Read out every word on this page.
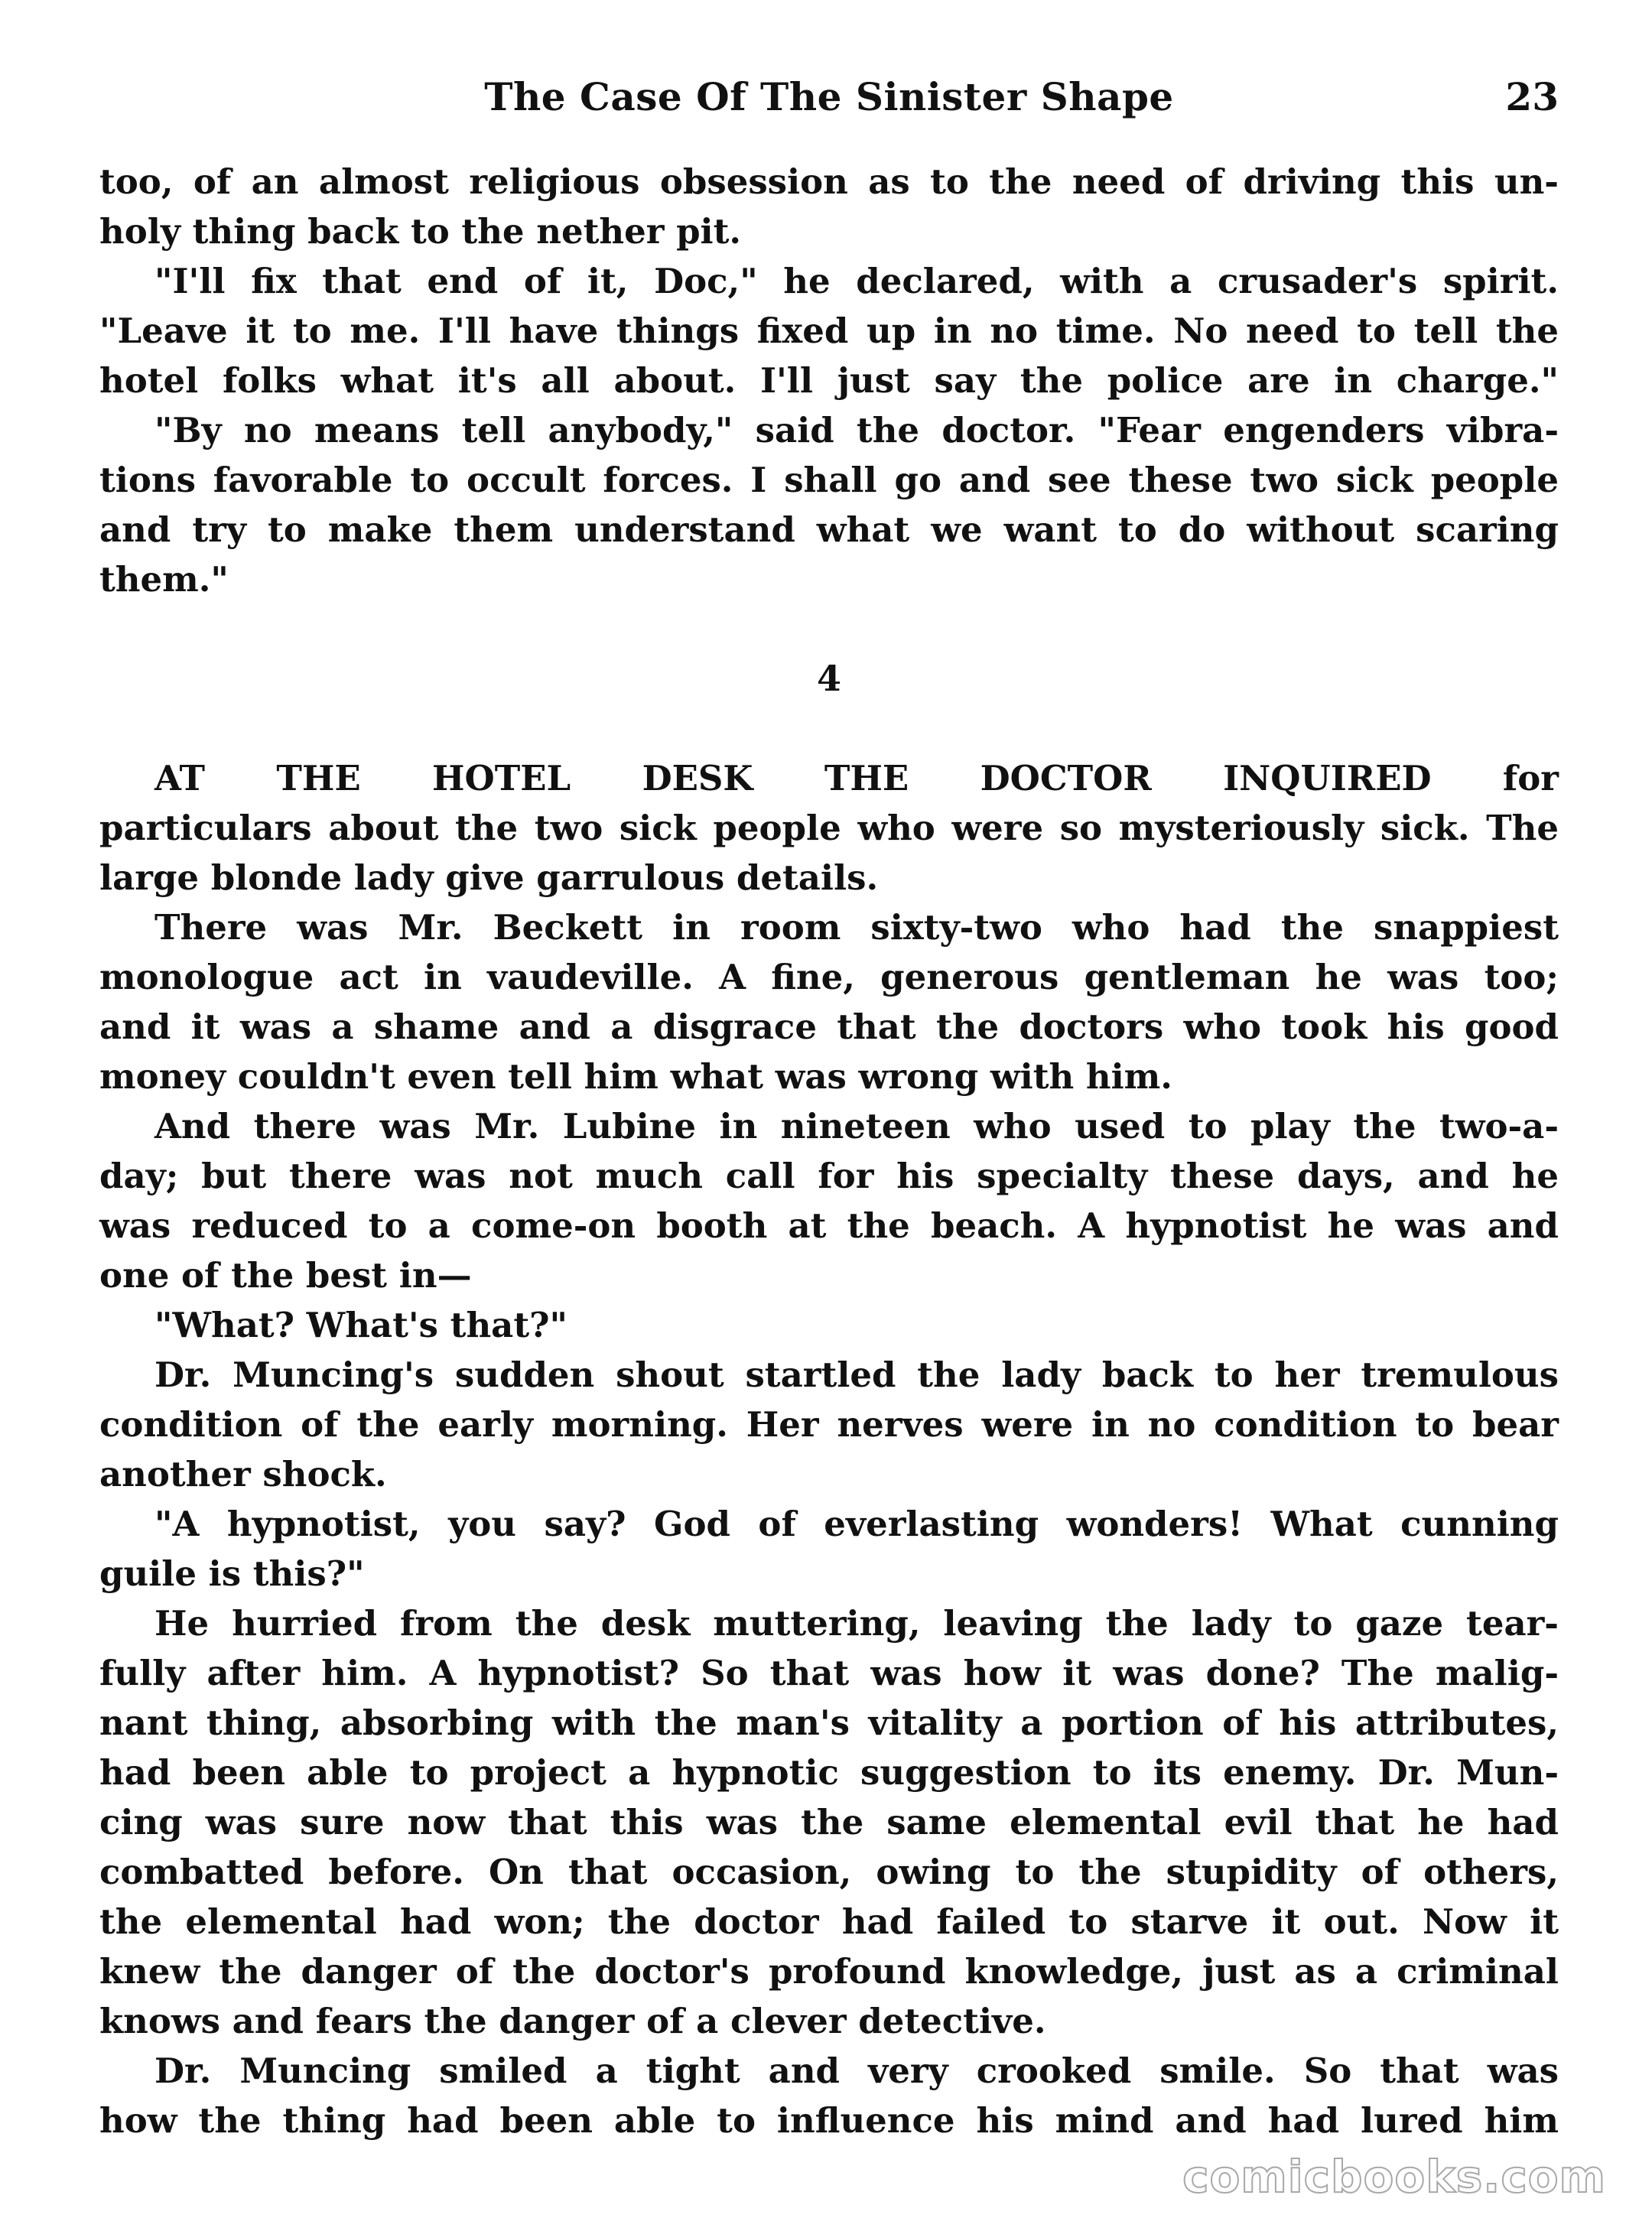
The Case Of The Sinister Shape	23
too, of an almost religious obsession as to the need of driving this un-
holy thing back to the nether pit.
"I'll fix that end of it, Doc," he declared, with a crusader's spirit.
"Leave it to me. I'll have things fixed up in no time. No need to tell the
hotel folks what it's all about. I'll just say the police are in charge."
"By no means tell anybody," said the doctor. "Fear engenders vibra-
tions favorable to occult forces. I shall go and see these two sick people
and try to make them understand what we want to do without scaring
them."
4
AT THE HOTEL DESK THE DOCTOR INQUIRED for
particulars about the two sick people who were so mysteriously sick. The
large blonde lady give garrulous details.
There was Mr. Beckett in room sixty-two who had the snappiest
monologue act in vaudeville. A fine, generous gentleman he was too;
and it was a shame and a disgrace that the doctors who took his good
money couldn't even tell him what was wrong with him.
And there was Mr. Lubine in nineteen who used to play the two-a-
day; but there was not much call for his specialty these days, and he
was reduced to a come-on booth at the beach. A hypnotist he was and
one of the best in—
"What? What's that?"
Dr. Muncing's sudden shout startled the lady back to her tremulous
condition of the early morning. Her nerves were in no condition to bear
another shock.
"A hypnotist, you say? God of everlasting wonders! What cunning
guile is this?"
He hurried from the desk muttering, leaving the lady to gaze tear-
fully after him. A hypnotist? So that was how it was done? The malig-
nant thing, absorbing with the man's vitality a portion of his attributes,
had been able to project a hypnotic suggestion to its enemy. Dr. Mun-
cing was sure now that this was the same elemental evil that he had
combatted before. On that occasion, owing to the stupidity of others,
the elemental had won; the doctor had failed to starve it out. Now it
knew the danger of the doctor's profound knowledge, just as a criminal
knows and fears the danger of a clever detective.
Dr. Muncing smiled a tight and very crooked smile. So that was
how the thing had been able to influence his mind and had lured him
comicbooks.com
